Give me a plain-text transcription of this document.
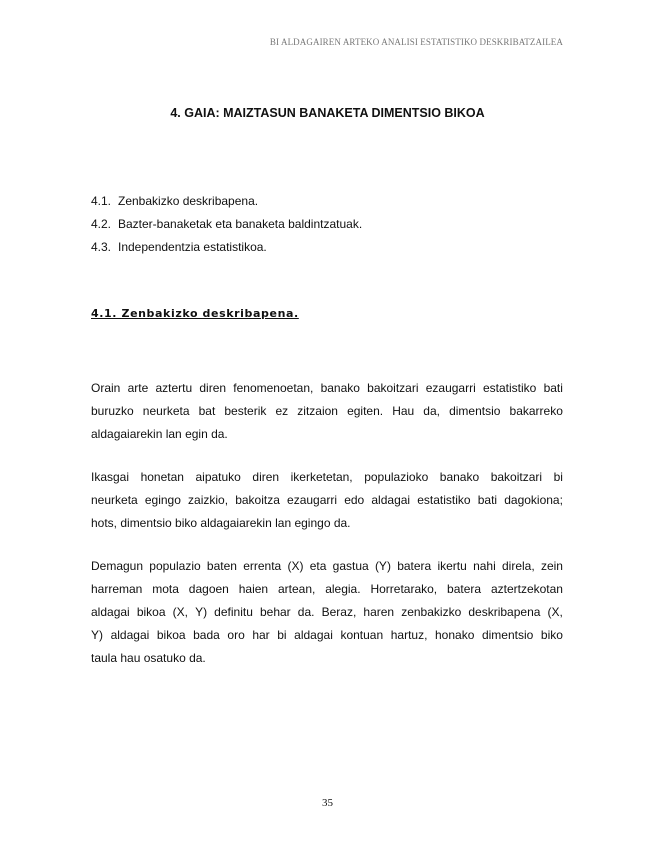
BI ALDAGAIREN ARTEKO ANALISI ESTATISTIKO DESKRIBATZAILEA
4. GAIA: MAIZTASUN BANAKETA DIMENTSIO BIKOA
4.1. Zenbakizko deskribapena.
4.2. Bazter-banaketak eta banaketa baldintzatuak.
4.3. Independentzia estatistikoa.
4.1. Zenbakizko deskribapena.
Orain arte aztertu diren fenomenoetan, banako bakoitzari ezaugarri estatistiko bati
buruzko neurketa bat besterik ez zitzaion egiten. Hau da, dimentsio bakarreko
aldagaiarekin lan egin da.
Ikasgai honetan aipatuko diren ikerketetan, populazioko banako bakoitzari bi
neurketa egingo zaizkio, bakoitza ezaugarri edo aldagai estatistiko bati dagokiona;
hots, dimentsio biko aldagaiarekin lan egingo da.
Demagun populazio baten errenta (X) eta gastua (Y) batera ikertu nahi direla, zein
harreman mota dagoen haien artean, alegia. Horretarako, batera aztertzekotan
aldagai bikoa (X, Y) definitu behar da. Beraz, haren zenbakizko deskribapena (X,
Y) aldagai bikoa bada oro har bi aldagai kontuan hartuz, honako dimentsio biko
taula hau osatuko da.
35
